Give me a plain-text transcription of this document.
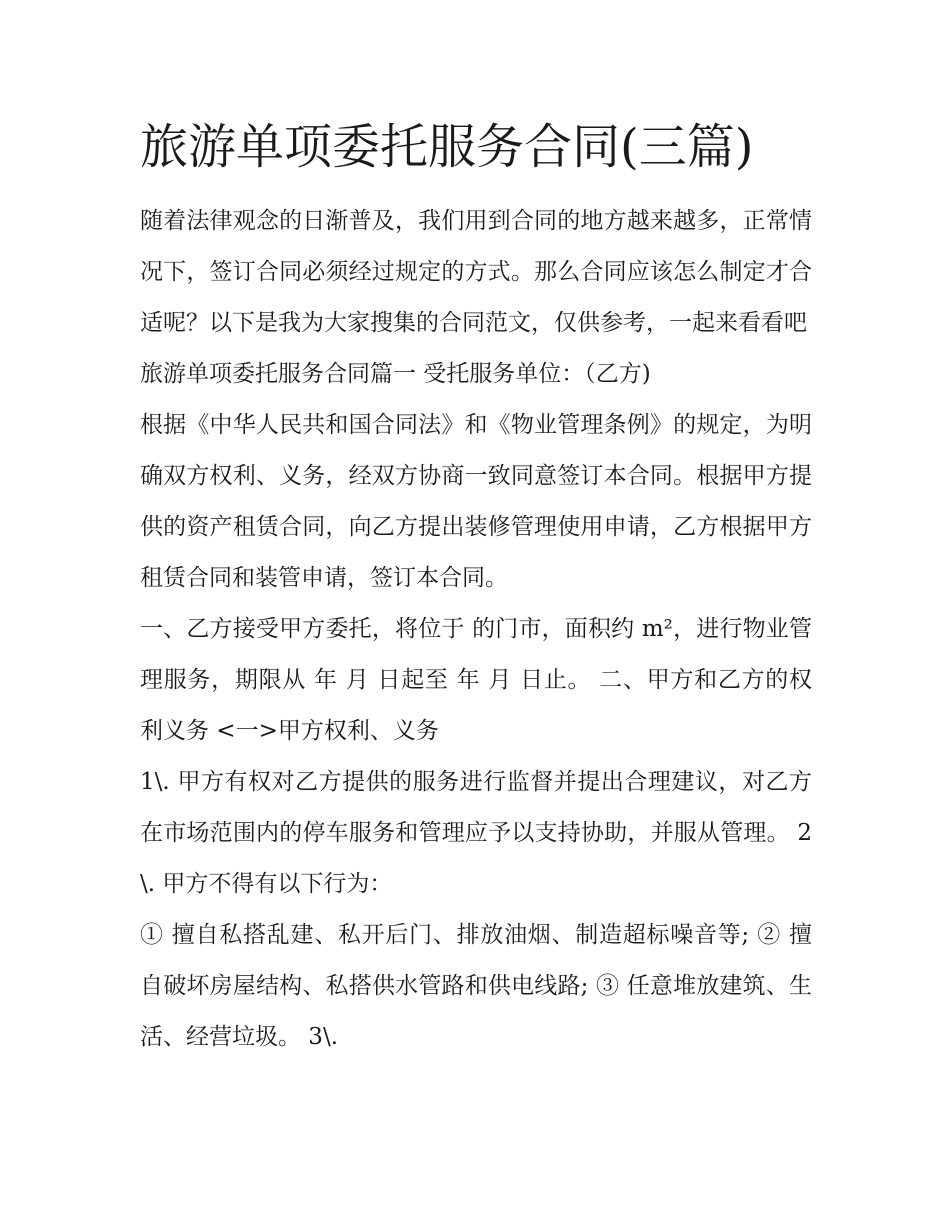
旅游单项委托服务合同(三篇)

随着法律观念的日渐普及，我们用到合同的地方越来越多，正常情况下，签订合同必须经过规定的方式。那么合同应该怎么制定才合适呢？以下是我为大家搜集的合同范文，仅供参考，一起来看看吧

旅游单项委托服务合同篇一 受托服务单位：（乙方)

根据《中华人民共和国合同法》和《物业管理条例》的规定，为明确双方权利、义务，经双方协商一致同意签订本合同。根据甲方提供的资产租赁合同，向乙方提出装修管理使用申请，乙方根据甲方租赁合同和装管申请，签订本合同。

一、乙方接受甲方委托，将位于 的门市，面积约 m²，进行物业管理服务，期限从 年 月 日起至 年 月 日止。 二、甲方和乙方的权利义务 <一>甲方权利、义务

1\. 甲方有权对乙方提供的服务进行监督并提出合理建议，对乙方在市场范围内的停车服务和管理应予以支持协助，并服从管理。 2\. 甲方不得有以下行为：

① 擅自私搭乱建、私开后门、排放油烟、制造超标噪音等; ② 擅自破坏房屋结构、私搭供水管路和供电线路; ③ 任意堆放建筑、生活、经营垃圾。 3\.
